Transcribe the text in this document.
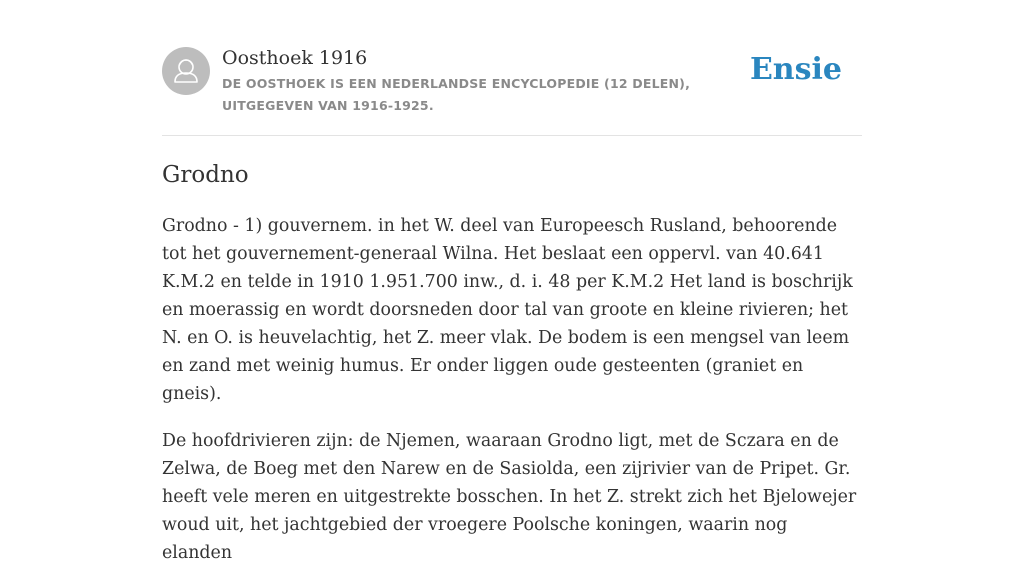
Oosthoek 1916
DE OOSTHOEK IS EEN NEDERLANDSE ENCYCLOPEDIE (12 DELEN), UITGEGEVEN VAN 1916-1925.
Ensie
Grodno

Grodno - 1) gouvernem. in het W. deel van Europeesch Rusland, behoorende tot het gouvernement-generaal Wilna. Het beslaat een oppervl. van 40.641 K.M.2 en telde in 1910 1.951.700 inw., d. i. 48 per K.M.2 Het land is boschrijk en moerassig en wordt doorsneden door tal van groote en kleine rivieren; het N. en O. is heuvelachtig, het Z. meer vlak. De bodem is een mengsel van leem en zand met weinig humus. Er onder liggen oude gesteenten (graniet en gneis).

De hoofdrivieren zijn: de Njemen, waaraan Grodno ligt, met de Sczara en de Zelwa, de Boeg met den Narew en de Sasiolda, een zijrivier van de Pripet. Gr. heeft vele meren en uitgestrekte bosschen. In het Z. strekt zich het Bjelowejer woud uit, het jachtgebied der vroegere Poolsche koningen, waarin nog elanden
